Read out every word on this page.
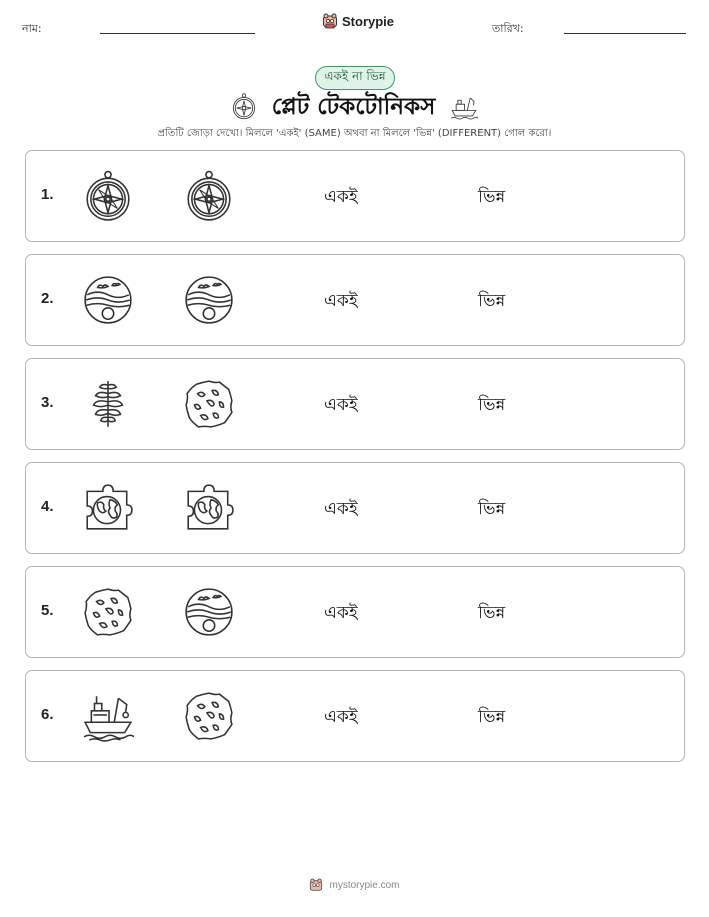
নাম:	Storypie	তারিখ:
একই না ভিন্ন
প্লেট টেকটোনিকস
প্রতিটি জোড়া দেখো। মিললে 'একই' (SAME) অথবা না মিললে 'ভিন্ন' (DIFFERENT) গোল করো।
1.	একই	ভিন্ন
2.	একই	ভিন্ন
3.	একই	ভিন্ন
4.	একই	ভিন্ন
5.	একই	ভিন্ন
6.	একই	ভিন্ন
mystorypie.com
